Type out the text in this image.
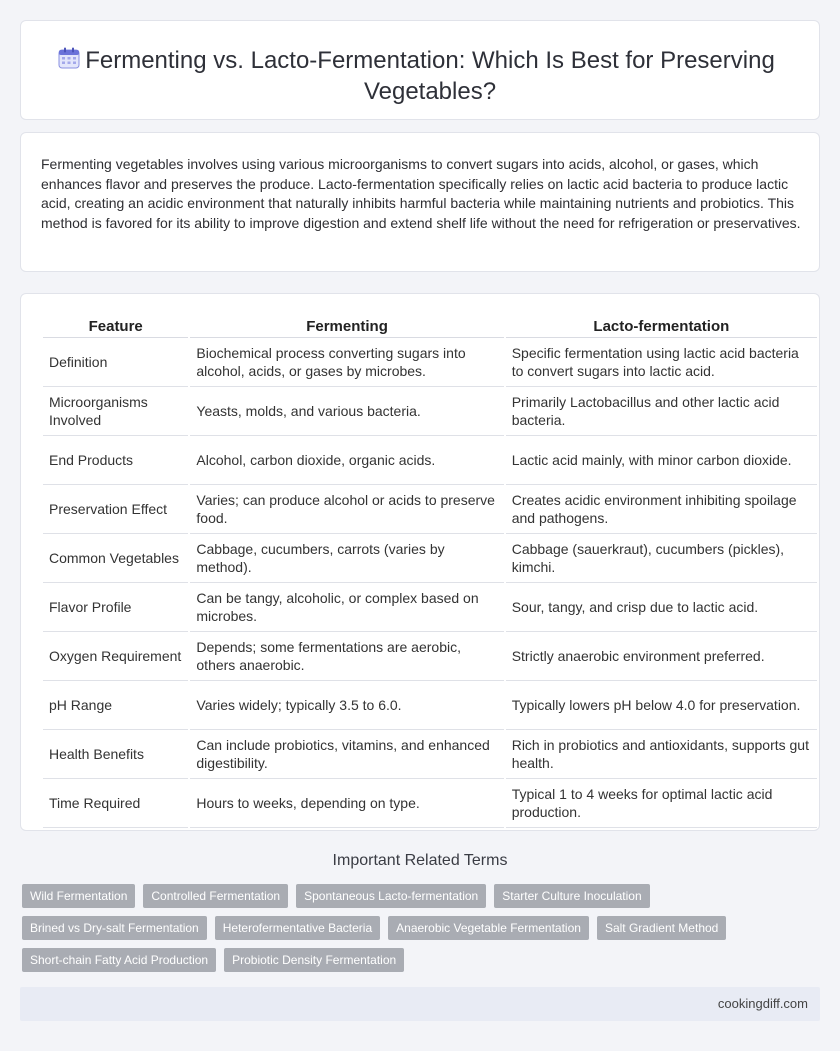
Fermenting vs. Lacto-Fermentation: Which Is Best for Preserving Vegetables?

Fermenting vegetables involves using various microorganisms to convert sugars into acids, alcohol, or gases, which enhances flavor and preserves the produce. Lacto-fermentation specifically relies on lactic acid bacteria to produce lactic acid, creating an acidic environment that naturally inhibits harmful bacteria while maintaining nutrients and probiotics. This method is favored for its ability to improve digestion and extend shelf life without the need for refrigeration or preservatives.

Feature	Fermenting	Lacto-fermentation
Definition	Biochemical process converting sugars into alcohol, acids, or gases by microbes.	Specific fermentation using lactic acid bacteria to convert sugars into lactic acid.
Microorganisms Involved	Yeasts, molds, and various bacteria.	Primarily Lactobacillus and other lactic acid bacteria.
End Products	Alcohol, carbon dioxide, organic acids.	Lactic acid mainly, with minor carbon dioxide.
Preservation Effect	Varies; can produce alcohol or acids to preserve food.	Creates acidic environment inhibiting spoilage and pathogens.
Common Vegetables	Cabbage, cucumbers, carrots (varies by method).	Cabbage (sauerkraut), cucumbers (pickles), kimchi.
Flavor Profile	Can be tangy, alcoholic, or complex based on microbes.	Sour, tangy, and crisp due to lactic acid.
Oxygen Requirement	Depends; some fermentations are aerobic, others anaerobic.	Strictly anaerobic environment preferred.
pH Range	Varies widely; typically 3.5 to 6.0.	Typically lowers pH below 4.0 for preservation.
Health Benefits	Can include probiotics, vitamins, and enhanced digestibility.	Rich in probiotics and antioxidants, supports gut health.
Time Required	Hours to weeks, depending on type.	Typical 1 to 4 weeks for optimal lactic acid production.
Important Related Terms
Wild Fermentation	Controlled Fermentation	Spontaneous Lacto-fermentation	Starter Culture Inoculation
Brined vs Dry-salt Fermentation	Heterofermentative Bacteria	Anaerobic Vegetable Fermentation	Salt Gradient Method
Short-chain Fatty Acid Production	Probiotic Density Fermentation
cookingdiff.com
